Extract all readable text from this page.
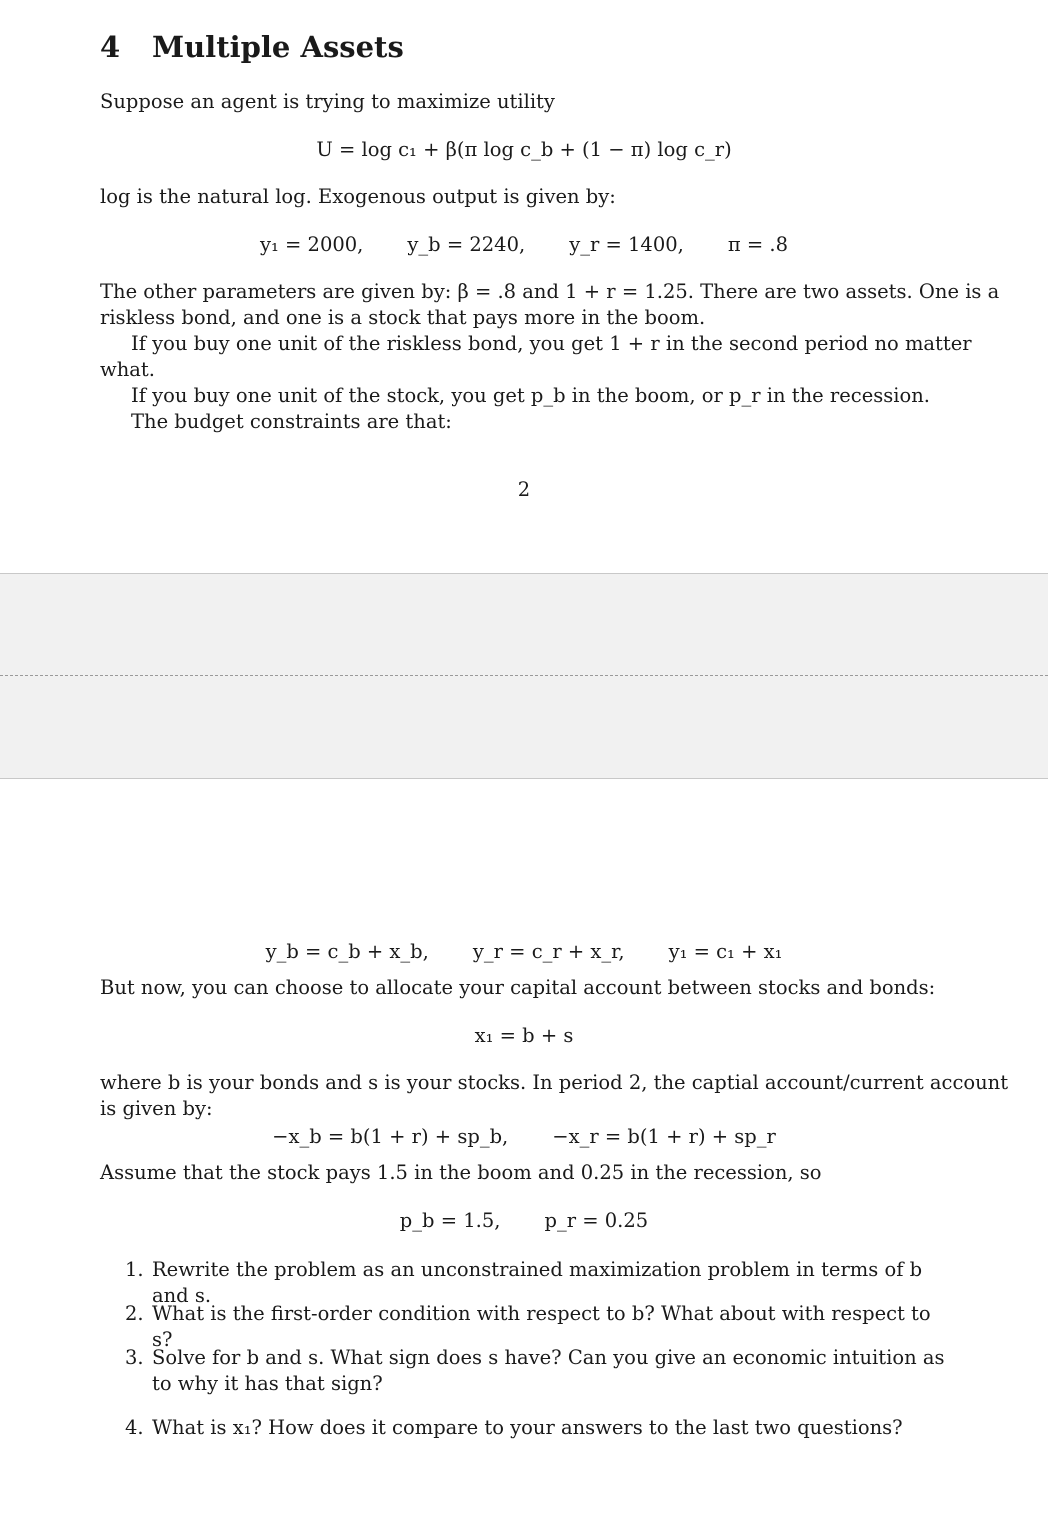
4 Multiple Assets
Suppose an agent is trying to maximize utility
U = log c₁ + β(π log c_b + (1 − π) log c_r)
log is the natural log. Exogenous output is given by:
y₁ = 2000, y_b = 2240, y_r = 1400, π = .8
The other parameters are given by: β = .8 and 1 + r = 1.25. There are two assets. One is a
riskless bond, and one is a stock that pays more in the boom.
If you buy one unit of the riskless bond, you get 1 + r in the second period no matter
what.
If you buy one unit of the stock, you get p_b in the boom, or p_r in the recession.
The budget constraints are that:
2
y_b = c_b + x_b, y_r = c_r + x_r, y₁ = c₁ + x₁
But now, you can choose to allocate your capital account between stocks and bonds:
x₁ = b + s
where b is your bonds and s is your stocks. In period 2, the captial account/current account
is given by:
−x_b = b(1 + r) + sp_b, −x_r = b(1 + r) + sp_r
Assume that the stock pays 1.5 in the boom and 0.25 in the recession, so
p_b = 1.5, p_r = 0.25
1. Rewrite the problem as an unconstrained maximization problem in terms of b and s.
2. What is the first-order condition with respect to b? What about with respect to s?
3. Solve for b and s. What sign does s have? Can you give an economic intuition as to why it has that sign?
4. What is x₁? How does it compare to your answers to the last two questions?
